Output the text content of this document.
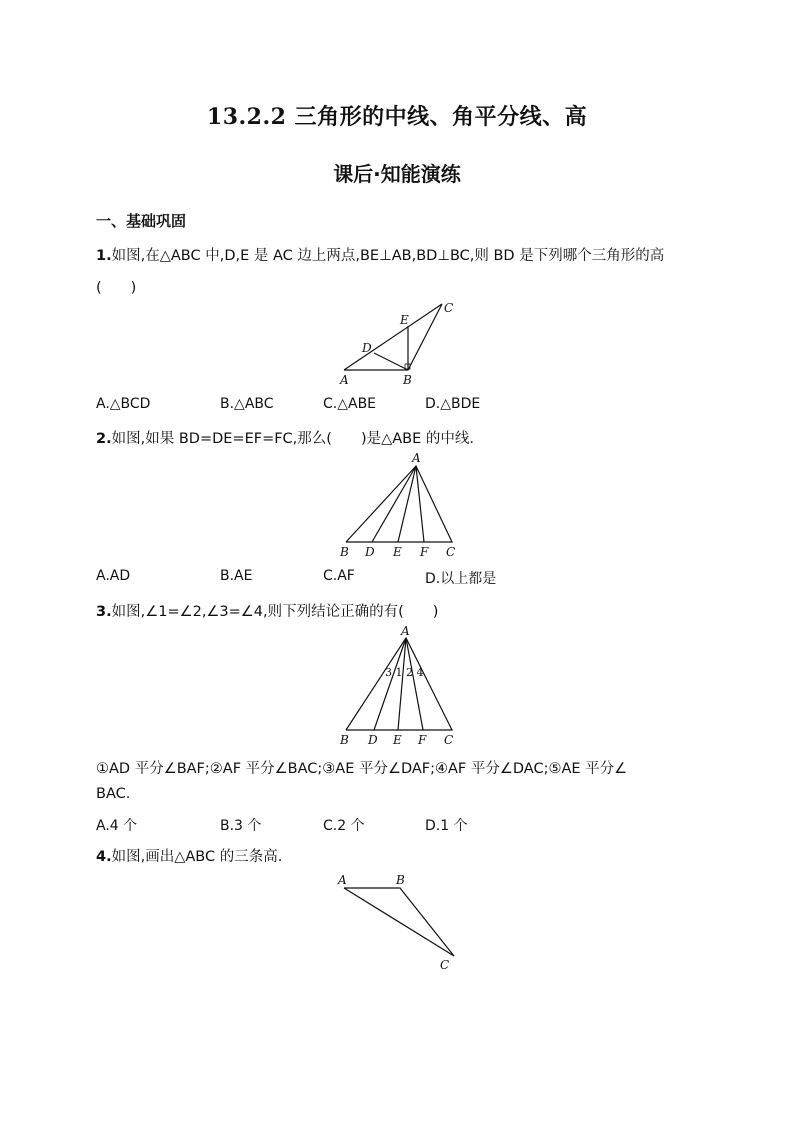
13.2.2 三角形的中线、角平分线、高
课后·知能演练
一、基础巩固
1.如图,在△ABC 中,D,E 是 AC 边上两点,BE⊥AB,BD⊥BC,则 BD 是下列哪个三角形的高
(　　)
A	B
C
D
E
A.△BCD	B.△ABC	C.△ABE	D.△BDE
2.如图,如果 BD=DE=EF=FC,那么(　　)是△ABE 的中线.
A
B D E F C
A.AD	B.AE	C.AF	D.以上都是
3.如图,∠1=∠2,∠3=∠4,则下列结论正确的有(　　)
A
3 1 2 4
B D E F C
①AD 平分∠BAF;②AF 平分∠BAC;③AE 平分∠DAF;④AF 平分∠DAC;⑤AE 平分∠
BAC.
A.4 个	B.3 个	C.2 个	D.1 个
4.如图,画出△ABC 的三条高.
A	B
C
